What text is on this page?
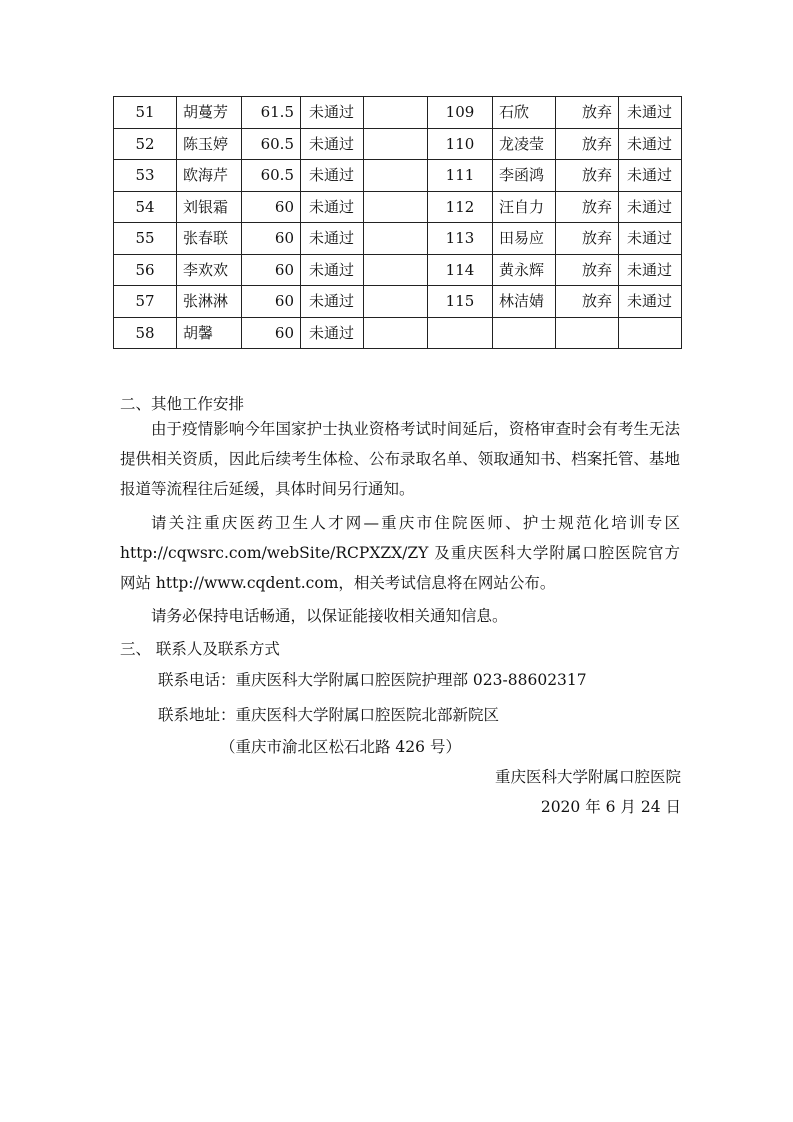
51	胡蔓芳	61.5	未通过		109	石欣	放弃	未通过
52	陈玉婷	60.5	未通过		110	龙凌莹	放弃	未通过
53	欧海芹	60.5	未通过		111	李函鸿	放弃	未通过
54	刘银霜	60	未通过		112	汪自力	放弃	未通过
55	张春联	60	未通过		113	田易应	放弃	未通过
56	李欢欢	60	未通过		114	黄永辉	放弃	未通过
57	张淋淋	60	未通过		115	林洁婧	放弃	未通过
58	胡馨	60	未通过					

二、其他工作安排

由于疫情影响今年国家护士执业资格考试时间延后，资格审查时会有考生无法提供相关资质，因此后续考生体检、公布录取名单、领取通知书、档案托管、基地报道等流程往后延缓，具体时间另行通知。

请关注重庆医药卫生人才网—重庆市住院医师、护士规范化培训专区 http://cqwsrc.com/webSite/RCPXZX/ZY 及重庆医科大学附属口腔医院官方网站 http://www.cqdent.com，相关考试信息将在网站公布。

请务必保持电话畅通，以保证能接收相关通知信息。

三、 联系人及联系方式

联系电话：重庆医科大学附属口腔医院护理部 023-88602317

联系地址：重庆医科大学附属口腔医院北部新院区

（重庆市渝北区松石北路 426 号）

重庆医科大学附属口腔医院

2020 年 6 月 24 日
